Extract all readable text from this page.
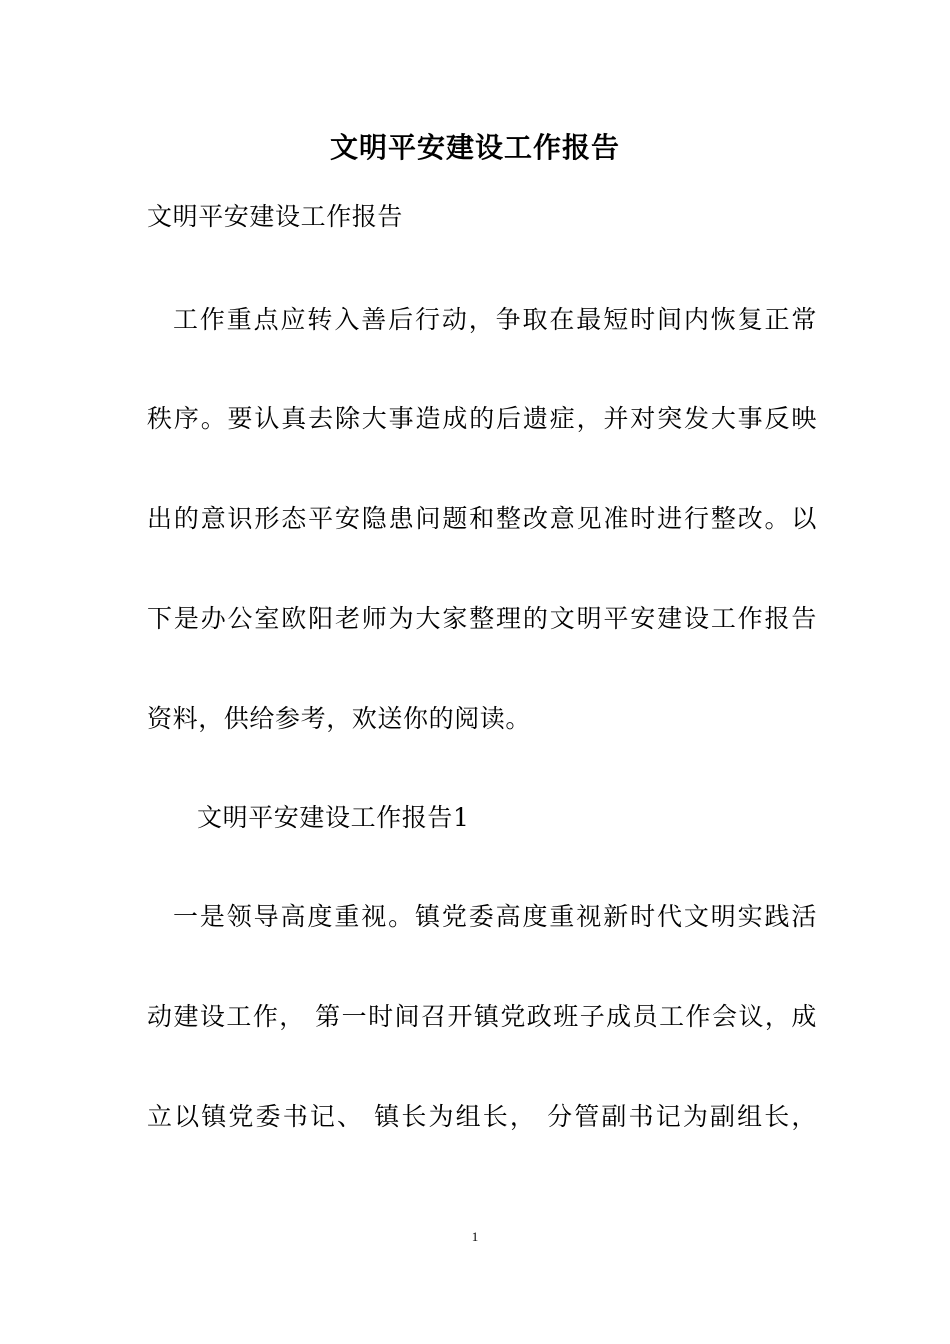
文明平安建设工作报告
文明平安建设工作报告
工作重点应转入善后行动，争取在最短时间内恢复正常
秩序。要认真去除大事造成的后遗症，并对突发大事反映
出的意识形态平安隐患问题和整改意见准时进行整改。以
下是办公室欧阳老师为大家整理的文明平安建设工作报告
资料，供给参考，欢送你的阅读。
文明平安建设工作报告1
一是领导高度重视。镇党委高度重视新时代文明实践活
动建设工作， 第一时间召开镇党政班子成员工作会议，成
立以镇党委书记、 镇长为组长， 分管副书记为副组长，
1
